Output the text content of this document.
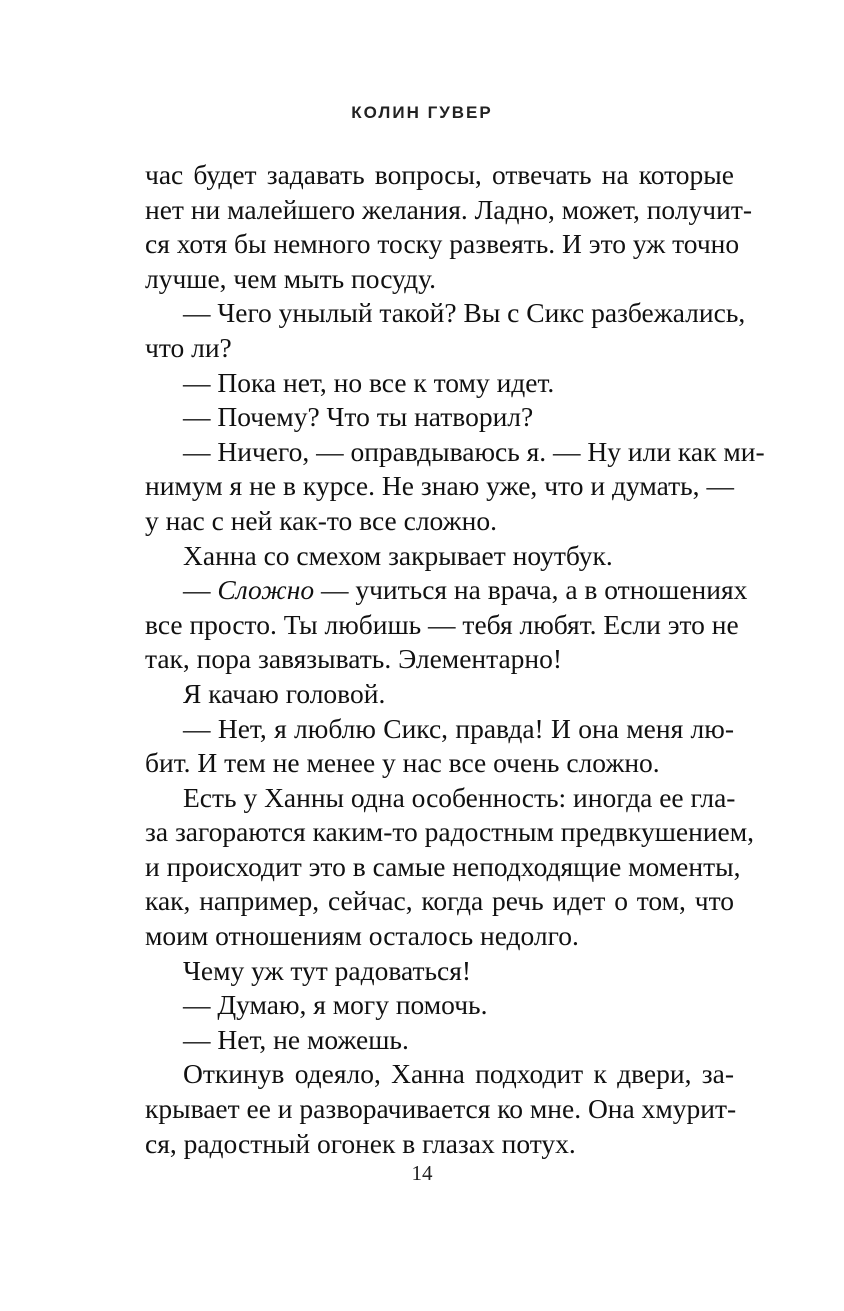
КОЛИН ГУВЕР
час будет задавать вопросы, отвечать на которые
нет ни малейшего желания. Ладно, может, получит-
ся хотя бы немного тоску развеять. И это уж точно
лучше, чем мыть посуду.
— Чего унылый такой? Вы с Сикс разбежались,
что ли?
— Пока нет, но все к тому идет.
— Почему? Что ты натворил?
— Ничего, — оправдываюсь я. — Ну или как ми-
нимум я не в курсе. Не знаю уже, что и думать, —
у нас с ней как-то все сложно.
Ханна со смехом закрывает ноутбук.
— Сложно — учиться на врача, а в отношениях
все просто. Ты любишь — тебя любят. Если это не
так, пора завязывать. Элементарно!
Я качаю головой.
— Нет, я люблю Сикс, правда! И она меня лю-
бит. И тем не менее у нас все очень сложно.
Есть у Ханны одна особенность: иногда ее гла-
за загораются каким-то радостным предвкушением,
и происходит это в самые неподходящие моменты,
как, например, сейчас, когда речь идет о том, что
моим отношениям осталось недолго.
Чему уж тут радоваться!
— Думаю, я могу помочь.
— Нет, не можешь.
Откинув одеяло, Ханна подходит к двери, за-
крывает ее и разворачивается ко мне. Она хмурит-
ся, радостный огонек в глазах потух.
14
